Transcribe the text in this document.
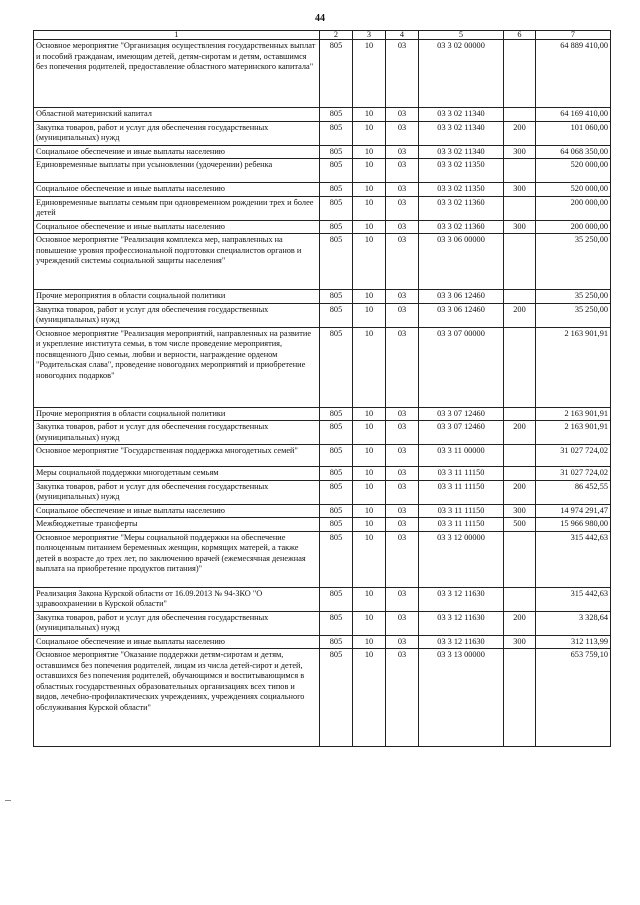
44
1	2	3	4	5	6	7
Основное мероприятие "Организация осуществления государственных выплат и пособий гражданам, имеющим детей, детям-сиротам и детям, оставшимся без попечения родителей, предоставление областного материнского капитала"	805	10	03	03 3 02 00000		64 889 410,00
Областной материнский капитал	805	10	03	03 3 02 11340		64 169 410,00
Закупка товаров, работ и услуг для обеспечения государственных (муниципальных) нужд	805	10	03	03 3 02 11340	200	101 060,00
Социальное обеспечение и иные выплаты населению	805	10	03	03 3 02 11340	300	64 068 350,00
Единовременные выплаты при усыновлении (удочерении) ребенка	805	10	03	03 3 02 11350		520 000,00
Социальное обеспечение и иные выплаты населению	805	10	03	03 3 02 11350	300	520 000,00
Единовременные выплаты семьям при одновременном рождении трех и более детей	805	10	03	03 3 02 11360		200 000,00
Социальное обеспечение и иные выплаты населению	805	10	03	03 3 02 11360	300	200 000,00
Основное мероприятие "Реализация комплекса мер, направленных на повышение уровня профессиональной подготовки специалистов органов и учреждений системы социальной защиты населения"	805	10	03	03 3 06 00000		35 250,00
Прочие мероприятия в области социальной политики	805	10	03	03 3 06 12460		35 250,00
Закупка товаров, работ и услуг для обеспечения государственных (муниципальных) нужд	805	10	03	03 3 06 12460	200	35 250,00
Основное мероприятие "Реализация мероприятий, направленных на развитие и укрепление института семьи, в том числе проведение мероприятия, посвященного Дню семьи, любви и верности, награждение орденом "Родительская слава", проведение новогодних мероприятий и приобретение новогодних подарков"	805	10	03	03 3 07 00000		2 163 901,91
Прочие мероприятия в области социальной политики	805	10	03	03 3 07 12460		2 163 901,91
Закупка товаров, работ и услуг для обеспечения государственных (муниципальных) нужд	805	10	03	03 3 07 12460	200	2 163 901,91
Основное мероприятие "Государственная поддержка многодетных семей"	805	10	03	03 3 11 00000		31 027 724,02
Меры социальной поддержки многодетным семьям	805	10	03	03 3 11 11150		31 027 724,02
Закупка товаров, работ и услуг для обеспечения государственных (муниципальных) нужд	805	10	03	03 3 11 11150	200	86 452,55
Социальное обеспечение и иные выплаты населению	805	10	03	03 3 11 11150	300	14 974 291,47
Межбюджетные трансферты	805	10	03	03 3 11 11150	500	15 966 980,00
Основное мероприятие "Меры социальной поддержки на обеспечение полноценным питанием беременных женщин, кормящих матерей, а также детей в возрасте до трех лет, по заключению врачей (ежемесячная денежная выплата на приобретение продуктов питания)"	805	10	03	03 3 12 00000		315 442,63
Реализация Закона Курской области от 16.09.2013 № 94-ЗКО "О здравоохранении в Курской области"	805	10	03	03 3 12 11630		315 442,63
Закупка товаров, работ и услуг для обеспечения государственных (муниципальных) нужд	805	10	03	03 3 12 11630	200	3 328,64
Социальное обеспечение и иные выплаты населению	805	10	03	03 3 12 11630	300	312 113,99
Основное мероприятие "Оказание поддержки детям-сиротам и детям, оставшимся без попечения родителей, лицам из числа детей-сирот и детей, оставшихся без попечения родителей, обучающимся и воспитывающимся в областных государственных образовательных организациях всех типов и видов, лечебно-профилактических учреждениях, учреждениях социального обслуживания Курской области"	805	10	03	03 3 13 00000		653 759,10
